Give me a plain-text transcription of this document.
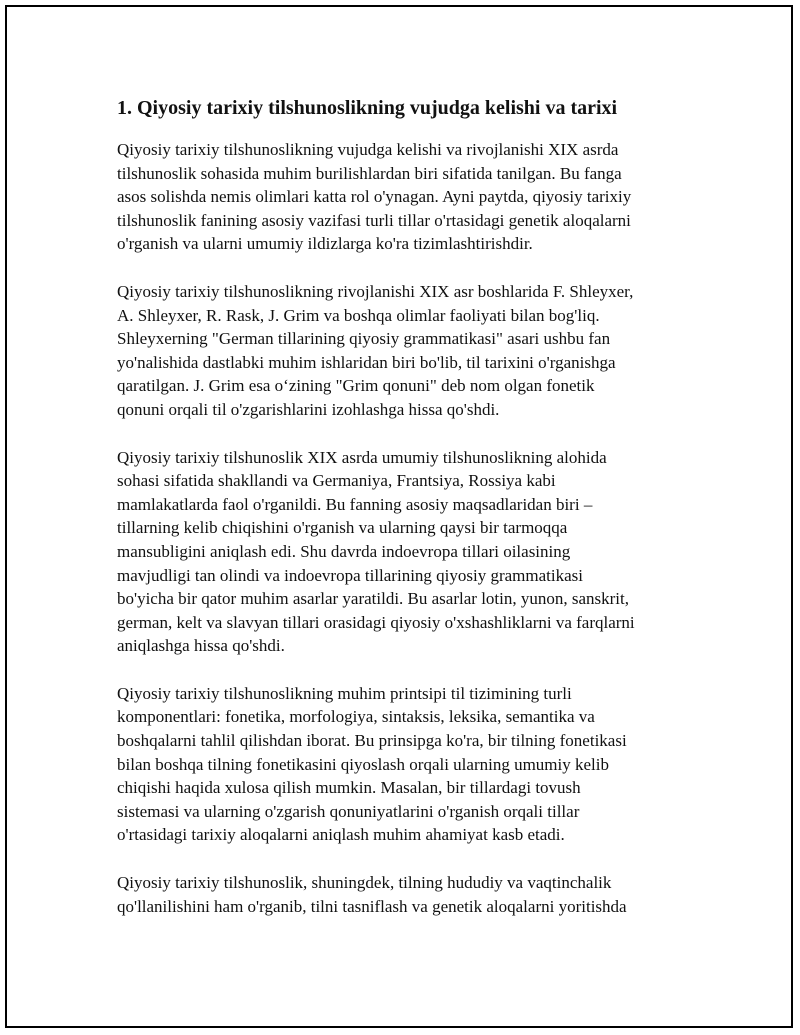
1. Qiyosiy tarixiy tilshunoslikning vujudga kelishi va tarixi

Qiyosiy tarixiy tilshunoslikning vujudga kelishi va rivojlanishi XIX asrda
tilshunoslik sohasida muhim burilishlardan biri sifatida tanilgan. Bu fanga
asos solishda nemis olimlari katta rol o'ynagan. Ayni paytda, qiyosiy tarixiy
tilshunoslik fanining asosiy vazifasi turli tillar o'rtasidagi genetik aloqalarni
o'rganish va ularni umumiy ildizlarga ko'ra tizimlashtirishdir.

Qiyosiy tarixiy tilshunoslikning rivojlanishi XIX asr boshlarida F. Shleyxer,
A. Shleyxer, R. Rask, J. Grim va boshqa olimlar faoliyati bilan bog'liq.
Shleyxerning "German tillarining qiyosiy grammatikasi" asari ushbu fan
yo'nalishida dastlabki muhim ishlaridan biri bo'lib, til tarixini o'rganishga
qaratilgan. J. Grim esa o‘zining "Grim qonuni" deb nom olgan fonetik
qonuni orqali til o'zgarishlarini izohlashga hissa qo'shdi.

Qiyosiy tarixiy tilshunoslik XIX asrda umumiy tilshunoslikning alohida
sohasi sifatida shakllandi va Germaniya, Frantsiya, Rossiya kabi
mamlakatlarda faol o'rganildi. Bu fanning asosiy maqsadlaridan biri –
tillarning kelib chiqishini o'rganish va ularning qaysi bir tarmoqqa
mansubligini aniqlash edi. Shu davrda indoevropa tillari oilasining
mavjudligi tan olindi va indoevropa tillarining qiyosiy grammatikasi
bo'yicha bir qator muhim asarlar yaratildi. Bu asarlar lotin, yunon, sanskrit,
german, kelt va slavyan tillari orasidagi qiyosiy o'xshashliklarni va farqlarni
aniqlashga hissa qo'shdi.

Qiyosiy tarixiy tilshunoslikning muhim printsipi til tizimining turli
komponentlari: fonetika, morfologiya, sintaksis, leksika, semantika va
boshqalarni tahlil qilishdan iborat. Bu prinsipga ko'ra, bir tilning fonetikasi
bilan boshqa tilning fonetikasini qiyoslash orqali ularning umumiy kelib
chiqishi haqida xulosa qilish mumkin. Masalan, bir tillardagi tovush
sistemasi va ularning o'zgarish qonuniyatlarini o'rganish orqali tillar
o'rtasidagi tarixiy aloqalarni aniqlash muhim ahamiyat kasb etadi.

Qiyosiy tarixiy tilshunoslik, shuningdek, tilning hududiy va vaqtinchalik
qo'llanilishini ham o'rganib, tilni tasniflash va genetik aloqalarni yoritishda
